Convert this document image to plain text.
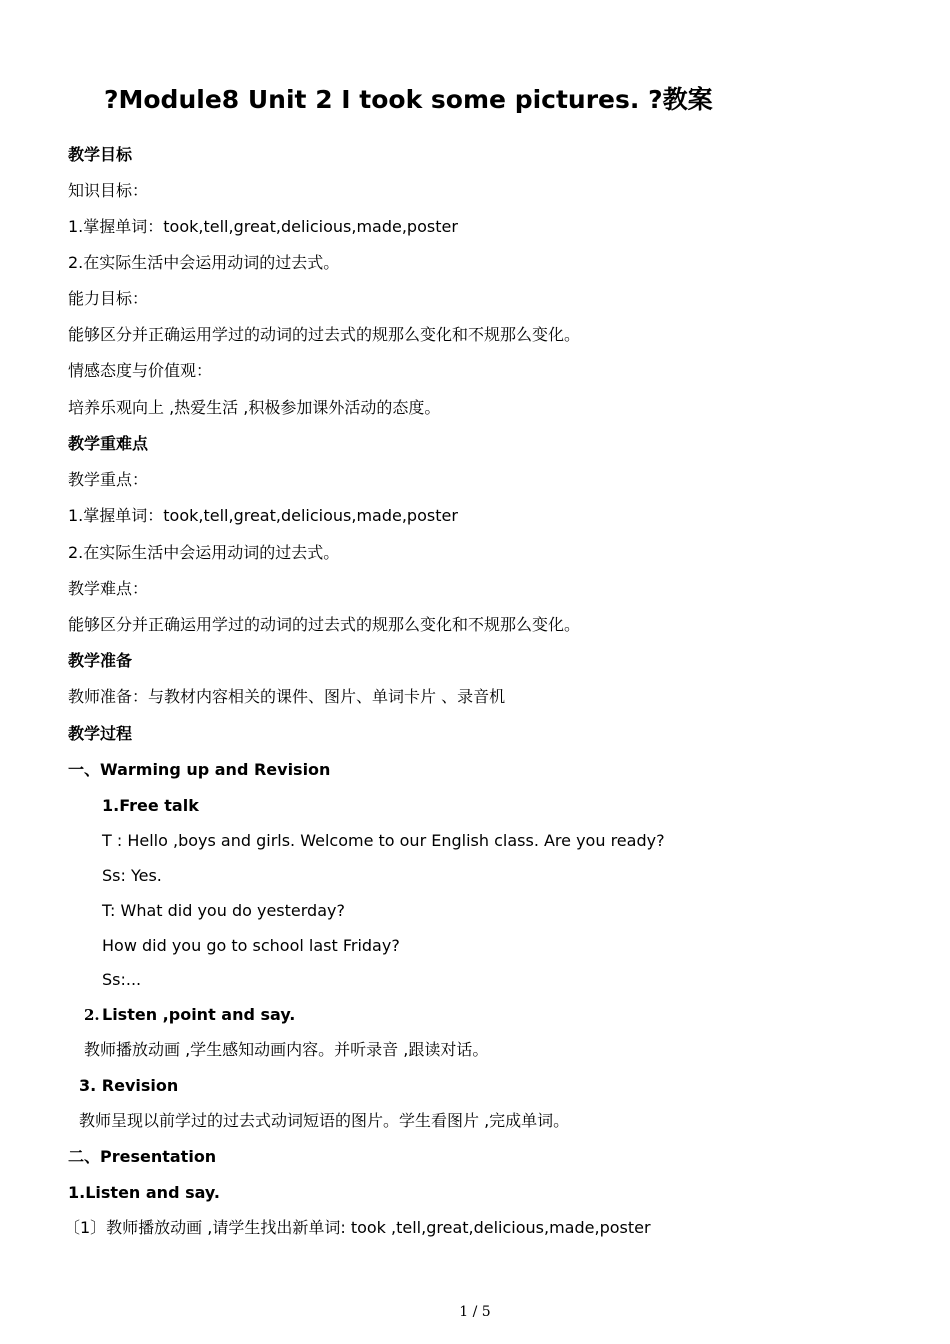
?Module8 Unit 2 I took some pictures. ?教案
教学目标
知识目标：
1.掌握单词：took,tell,great,delicious,made,poster
2.在实际生活中会运用动词的过去式。
能力目标：
能够区分并正确运用学过的动词的过去式的规那么变化和不规那么变化。
情感态度与价值观：
培养乐观向上 ,热爱生活 ,积极参加课外活动的态度。
教学重难点
教学重点：
1.掌握单词：took,tell,great,delicious,made,poster
2.在实际生活中会运用动词的过去式。
教学难点：
能够区分并正确运用学过的动词的过去式的规那么变化和不规那么变化。
教学准备
教师准备：与教材内容相关的课件、图片、单词卡片 、录音机
教学过程
一、Warming up and Revision
1.Free talk
T : Hello ,boys and girls. Welcome to our English class. Are you ready?
Ss: Yes.
T: What did you do yesterday?
How did you go to school last Friday?
Ss:...
2. Listen ,point and say.
教师播放动画 ,学生感知动画内容。并听录音 ,跟读对话。
3. Revision
教师呈现以前学过的过去式动词短语的图片。学生看图片 ,完成单词。
二、Presentation
1.Listen and say.
〔1〕教师播放动画 ,请学生找出新单词: took ,tell,great,delicious,made,poster
1 / 5
